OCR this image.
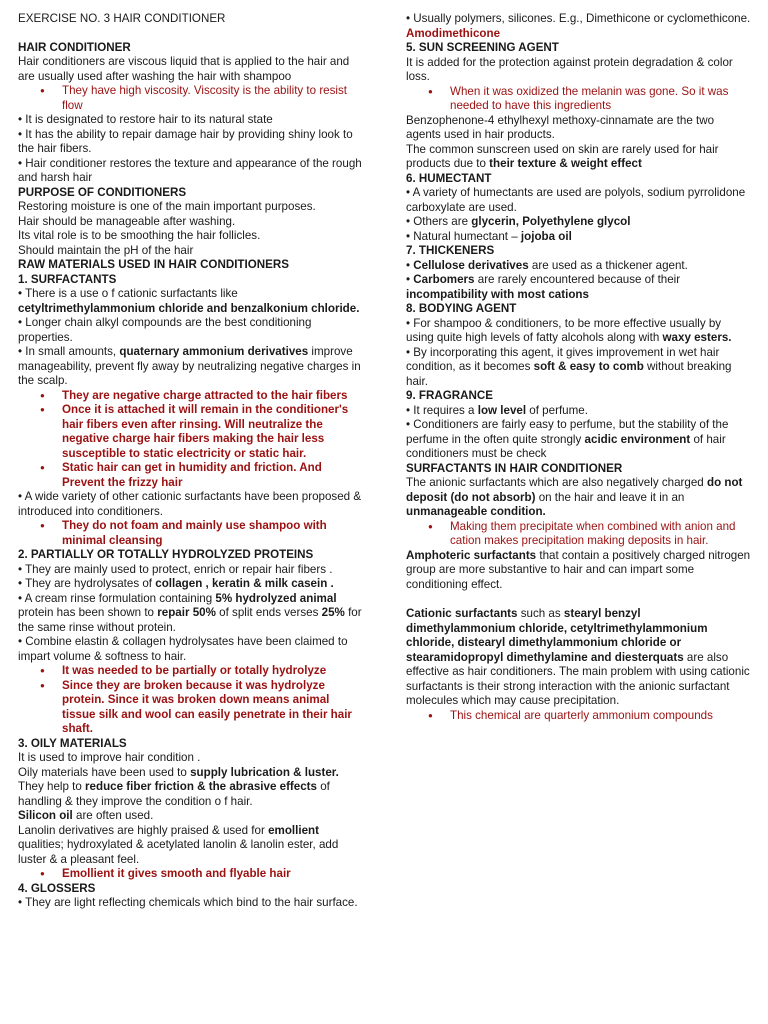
EXERCISE NO. 3 HAIR CONDITIONER

HAIR CONDITIONER

Hair conditioners are viscous liquid that is applied to the hair and are usually used after washing the hair with shampoo

● They have high viscosity. Viscosity is the ability to resist flow

• It is designated to restore hair to its natural state

• It has the ability to repair damage hair by providing shiny look to the hair fibers.

• Hair conditioner restores the texture and appearance of the rough and harsh hair

PURPOSE OF CONDITIONERS

Restoring moisture is one of the main important purposes.

Hair should be manageable after washing.

Its vital role is to be smoothing the hair follicles.

Should maintain the pH of the hair

RAW MATERIALS USED IN HAIR CONDITIONERS

1. SURFACTANTS

• There is a use o f cationic surfactants like
cetyltrimethylammonium chloride and benzalkonium chloride.

• Longer chain alkyl compounds are the best conditioning properties.

• In small amounts, quaternary ammonium derivatives improve manageability, prevent fly away by neutralizing negative charges in the scalp.

● They are negative charge attracted to the hair fibers
● Once it is attached it will remain in the conditioner's hair fibers even after rinsing. Will neutralize the negative charge hair fibers making the hair less susceptible to static electricity or static hair.
● Static hair can get in humidity and friction. And Prevent the frizzy hair

• A wide variety of other cationic surfactants have been proposed & introduced into conditioners.

● They do not foam and mainly use shampoo with minimal cleansing

2. PARTIALLY OR TOTALLY HYDROLYZED PROTEINS

• They are mainly used to protect, enrich or repair hair fibers .

• They are hydrolysates of collagen , keratin & milk casein .

• A cream rinse formulation containing 5% hydrolyzed animal protein has been shown to repair 50% of split ends verses 25% for the same rinse without protein.

• Combine elastin & collagen hydrolysates have been claimed to impart volume & softness to hair.

● It was needed to be partially or totally hydrolyze
● Since they are broken because it was hydrolyze protein. Since it was broken down means animal tissue silk and wool can easily penetrate in their hair shaft.

3. OILY MATERIALS

It is used to improve hair condition .

Oily materials have been used to supply lubrication & luster.

They help to reduce fiber friction & the abrasive effects of handling & they improve the condition o f hair.

Silicon oil are often used.

Lanolin derivatives are highly praised & used for emollient qualities; hydroxylated & acetylated lanolin & lanolin ester, add luster & a pleasant feel.

● Emollient it gives smooth and flyable hair

4. GLOSSERS

• They are light reflecting chemicals which bind to the hair surface.

• Usually polymers, silicones. E.g., Dimethicone or cyclomethicone. Amodimethicone

5. SUN SCREENING AGENT

It is added for the protection against protein degradation & color loss.

● When it was oxidized the melanin was gone. So it was needed to have this ingredients

Benzophenone-4 ethylhexyl methoxy-cinnamate are the two agents used in hair products.

The common sunscreen used on skin are rarely used for hair products due to their texture & weight effect

6. HUMECTANT

• A variety of humectants are used are polyols, sodium pyrrolidone carboxylate are used.

• Others are glycerin, Polyethylene glycol

• Natural humectant – jojoba oil

7. THICKENERS

• Cellulose derivatives are used as a thickener agent.

• Carbomers are rarely encountered because of their
incompatibility with most cations

8. BODYING AGENT

• For shampoo & conditioners, to be more effective usually by using quite high levels of fatty alcohols along with waxy esters.

• By incorporating this agent, it gives improvement in wet hair condition, as it becomes soft & easy to comb without breaking hair.

9. FRAGRANCE

• It requires a low level of perfume.

• Conditioners are fairly easy to perfume, but the stability of the perfume in the often quite strongly acidic environment of hair conditioners must be check

SURFACTANTS IN HAIR CONDITIONER

The anionic surfactants which are also negatively charged do not deposit (do not absorb) on the hair and leave it in an unmanageable condition.

● Making them precipitate when combined with anion and cation makes precipitation making deposits in hair.

Amphoteric surfactants that contain a positively charged nitrogen group are more substantive to hair and can impart some conditioning effect.

Cationic surfactants such as stearyl benzyl dimethylammonium chloride, cetyltrimethylammonium chloride, distearyl dimethylammonium chloride or stearamidopropyl dimethylamine and diesterquats are also effective as hair conditioners. The main problem with using cationic surfactants is their strong interaction with the anionic surfactant molecules which may cause precipitation.

● This chemical are quarterly ammonium compounds
